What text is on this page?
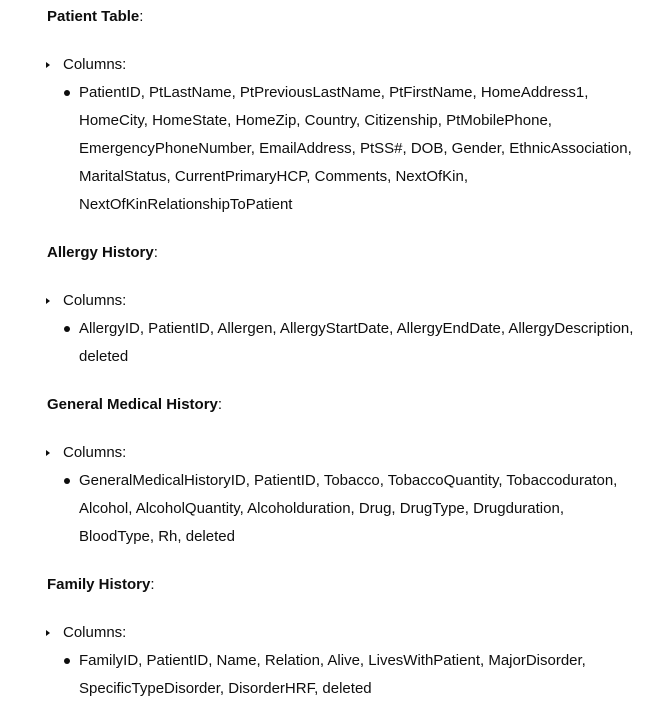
Patient Table:
Columns:
PatientID, PtLastName, PtPreviousLastName, PtFirstName, HomeAddress1, HomeCity, HomeState, HomeZip, Country, Citizenship, PtMobilePhone, EmergencyPhoneNumber, EmailAddress, PtSS#, DOB, Gender, EthnicAssociation, MaritalStatus, CurrentPrimaryHCP, Comments, NextOfKin, NextOfKinRelationshipToPatient
Allergy History:
Columns:
AllergyID, PatientID, Allergen, AllergyStartDate, AllergyEndDate, AllergyDescription, deleted
General Medical History:
Columns:
GeneralMedicalHistoryID, PatientID, Tobacco, TobaccoQuantity, Tobaccoduraton, Alcohol, AlcoholQuantity, Alcoholduration, Drug, DrugType, Drugduration, BloodType, Rh, deleted
Family History:
Columns:
FamilyID, PatientID, Name, Relation, Alive, LivesWithPatient, MajorDisorder, SpecificTypeDisorder, DisorderHRF, deleted
